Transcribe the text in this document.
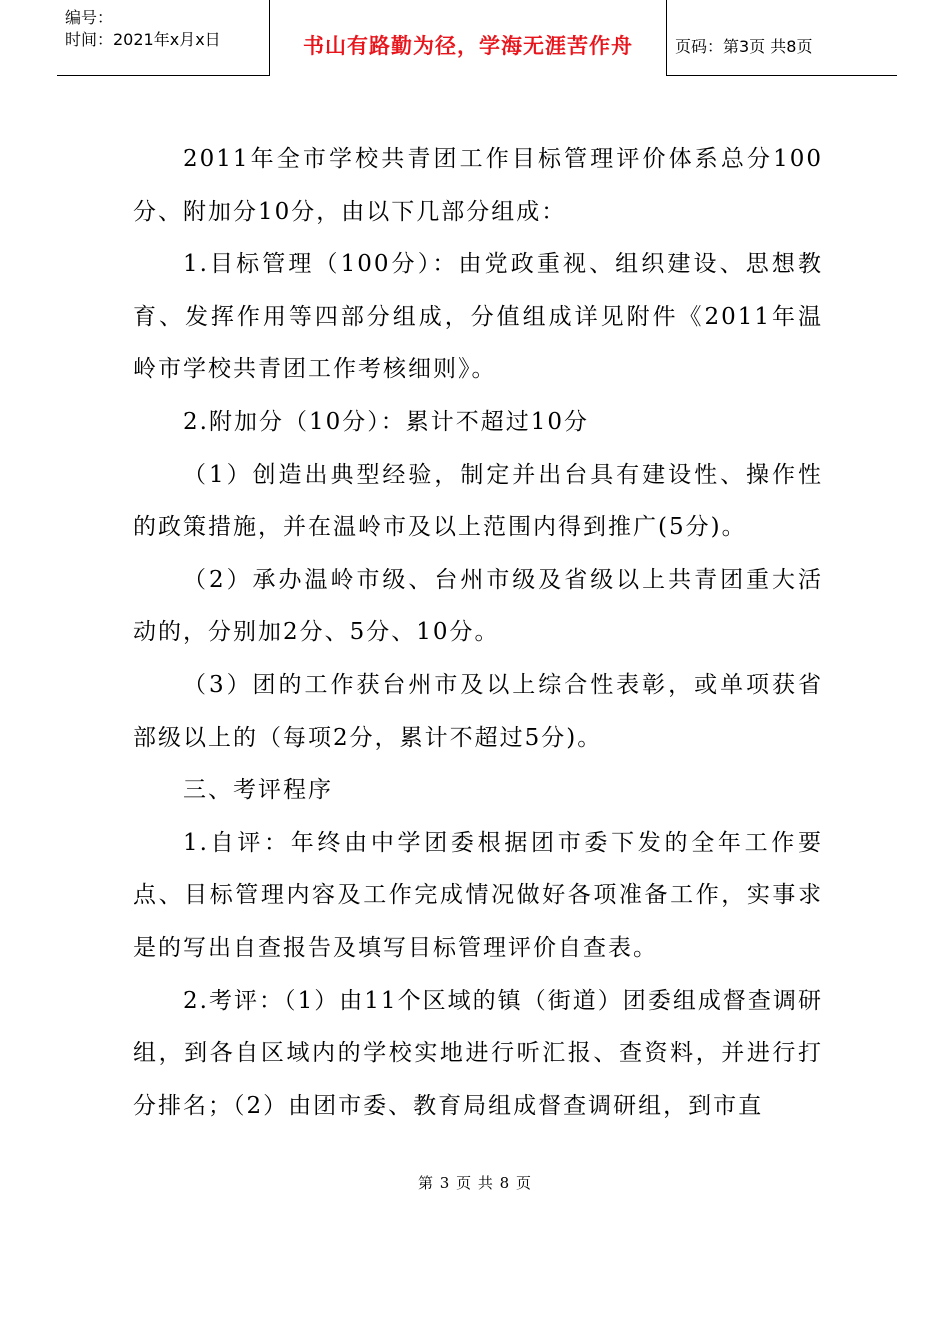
编号：
时间：2021年x月x日	书山有路勤为径，学海无涯苦作舟	页码：第3页 共8页

2011年全市学校共青团工作目标管理评价体系总分100分、附加分10分，由以下几部分组成：

1.目标管理（100分）：由党政重视、组织建设、思想教育、发挥作用等四部分组成，分值组成详见附件《2011年温岭市学校共青团工作考核细则》。

2.附加分（10分）：累计不超过10分

（1）创造出典型经验，制定并出台具有建设性、操作性的政策措施，并在温岭市及以上范围内得到推广(5分)。

（2）承办温岭市级、台州市级及省级以上共青团重大活动的，分别加2分、5分、10分。

（3）团的工作获台州市及以上综合性表彰，或单项获省部级以上的（每项2分，累计不超过5分)。

三、考评程序

1.自评：年终由中学团委根据团市委下发的全年工作要点、目标管理内容及工作完成情况做好各项准备工作，实事求是的写出自查报告及填写目标管理评价自查表。

2.考评：（1）由11个区域的镇（街道）团委组成督查调研组，到各自区域内的学校实地进行听汇报、查资料，并进行打分排名；（2）由团市委、教育局组成督查调研组，到市直

第 3 页 共 8 页
